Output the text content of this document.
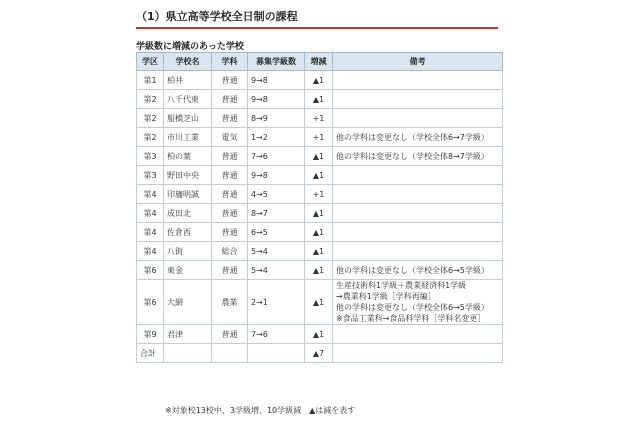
（1）県立高等学校全日制の課程
学級数に増減のあった学校
学区	学校名	学科	募集学級数	増減	備考
第1	柏井	普通	9→8	▲1	
第2	八千代東	普通	9→8	▲1	
第2	船橋芝山	普通	8→9	+1	
第2	市川工業	電気	1→2	+1	他の学科は変更なし（学校全体6→7学級）

第3	柏の葉	普通	7→6	▲1	他の学科は変更なし（学校全体8→7学級）

第3	野田中央	普通	9→8	▲1	
第4	印旛明誠	普通	4→5	+1	
第4	成田北	普通	8→7	▲1	
第4	佐倉西	普通	6→5	▲1	
第4	八街	総合	5→4	▲1	
第6	東金	普通	5→4	▲1	他の学科は変更なし（学校全体6→5学級）

第6	大網	農業	2→1	▲1	生産技術科1学級＋農業経済科1学級
→農業科1学級［学科再編］
他の学科は変更なし（学校全体6→5学級）
※食品工業科→食品科学科［学科名変更］

第9	君津	普通	7→6	▲1	
合計				▲7	
※対象校13校中、3学級増、10学級減　▲は減を表す
